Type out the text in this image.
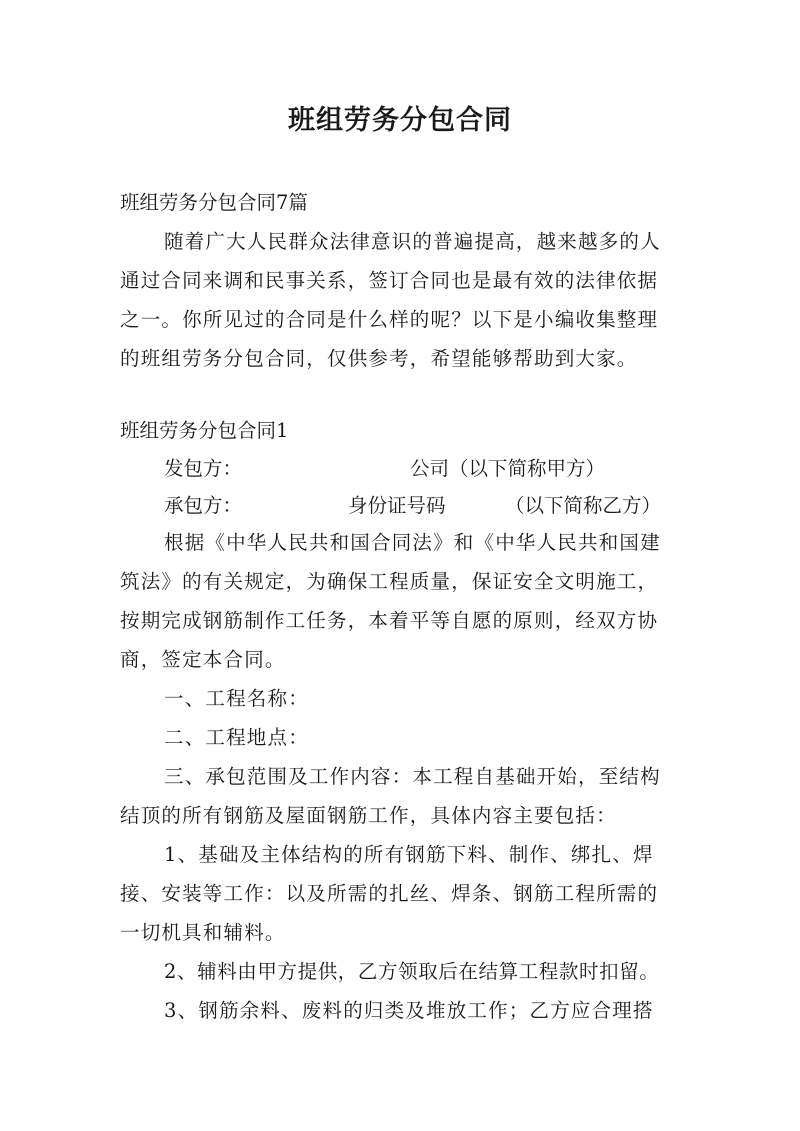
班组劳务分包合同
班组劳务分包合同7篇
随着广大人民群众法律意识的普遍提高，越来越多的人
通过合同来调和民事关系，签订合同也是最有效的法律依据
之一。你所见过的合同是什么样的呢？以下是小编收集整理
的班组劳务分包合同，仅供参考，希望能够帮助到大家。
班组劳务分包合同1
发包方：	公司（以下简称甲方）
承包方：	身份证号码	（以下简称乙方）
根据《中华人民共和国合同法》和《中华人民共和国建
筑法》的有关规定，为确保工程质量，保证安全文明施工，
按期完成钢筋制作工任务，本着平等自愿的原则，经双方协
商，签定本合同。
一、工程名称：
二、工程地点：
三、承包范围及工作内容：本工程自基础开始，至结构
结顶的所有钢筋及屋面钢筋工作，具体内容主要包括：
1、基础及主体结构的所有钢筋下料、制作、绑扎、焊
接、安装等工作：以及所需的扎丝、焊条、钢筋工程所需的
一切机具和辅料。
2、辅料由甲方提供，乙方领取后在结算工程款时扣留。
3、钢筋余料、废料的归类及堆放工作；乙方应合理搭
